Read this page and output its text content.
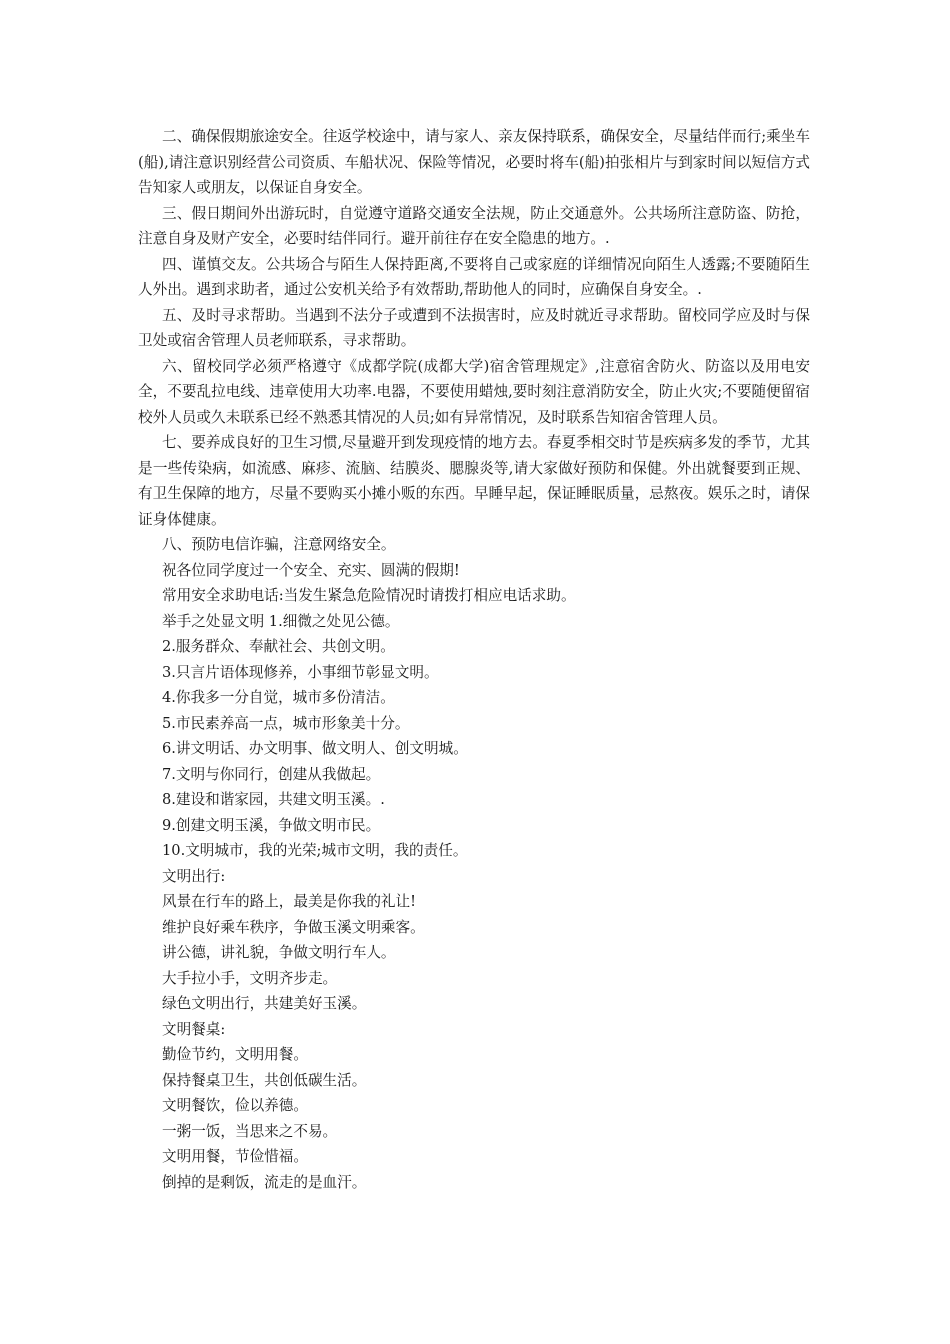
二、确保假期旅途安全。往返学校途中，请与家人、亲友保持联系，确保安全，尽量结伴而行;乘坐车(船),请注意识别经营公司资质、车船状况、保险等情况，必要时将车(船)拍张相片与到家时间以短信方式告知家人或朋友，以保证自身安全。

三、假日期间外出游玩时，自觉遵守道路交通安全法规，防止交通意外。公共场所注意防盗、防抢，注意自身及财产安全，必要时结伴同行。避开前往存在安全隐患的地方。.

四、谨慎交友。公共场合与陌生人保持距离,不要将自己或家庭的详细情况向陌生人透露;不要随陌生人外出。遇到求助者，通过公安机关给予有效帮助,帮助他人的同时，应确保自身安全。.

五、及时寻求帮助。当遇到不法分子或遭到不法损害时，应及时就近寻求帮助。留校同学应及时与保卫处或宿舍管理人员老师联系，寻求帮助。

六、留校同学必须严格遵守《成都学院(成都大学)宿舍管理规定》,注意宿舍防火、防盗以及用电安全，不要乱拉电线、违章使用大功率.电器，不要使用蜡烛,要时刻注意消防安全，防止火灾;不要随便留宿校外人员或久未联系已经不熟悉其情况的人员;如有异常情况，及时联系告知宿舍管理人员。

七、要养成良好的卫生习惯,尽量避开到发现疫情的地方去。春夏季相交时节是疾病多发的季节，尤其是一些传染病，如流感、麻疹、流脑、结膜炎、腮腺炎等,请大家做好预防和保健。外出就餐要到正规、有卫生保障的地方，尽量不要购买小摊小贩的东西。早睡早起，保证睡眠质量，忌熬夜。娱乐之时，请保证身体健康。

八、预防电信诈骗，注意网络安全。

祝各位同学度过一个安全、充实、圆满的假期!

常用安全求助电话:当发生紧急危险情况时请拨打相应电话求助。

举手之处显文明 1.细微之处见公德。

2.服务群众、奉献社会、共创文明。

3.只言片语体现修养，小事细节彰显文明。

4.你我多一分自觉，城市多份清洁。

5.市民素养高一点，城市形象美十分。

6.讲文明话、办文明事、做文明人、创文明城。

7.文明与你同行，创建从我做起。

8.建设和谐家园，共建文明玉溪。.

9.创建文明玉溪，争做文明市民。

10.文明城市，我的光荣;城市文明，我的责任。

文明出行:

风景在行车的路上，最美是你我的礼让!

维护良好乘车秩序，争做玉溪文明乘客。

讲公德，讲礼貌，争做文明行车人。

大手拉小手，文明齐步走。

绿色文明出行，共建美好玉溪。

文明餐桌:

勤俭节约，文明用餐。

保持餐桌卫生，共创低碳生活。

文明餐饮，俭以养德。

一粥一饭，当思来之不易。

文明用餐，节俭惜福。

倒掉的是剩饭，流走的是血汗。
